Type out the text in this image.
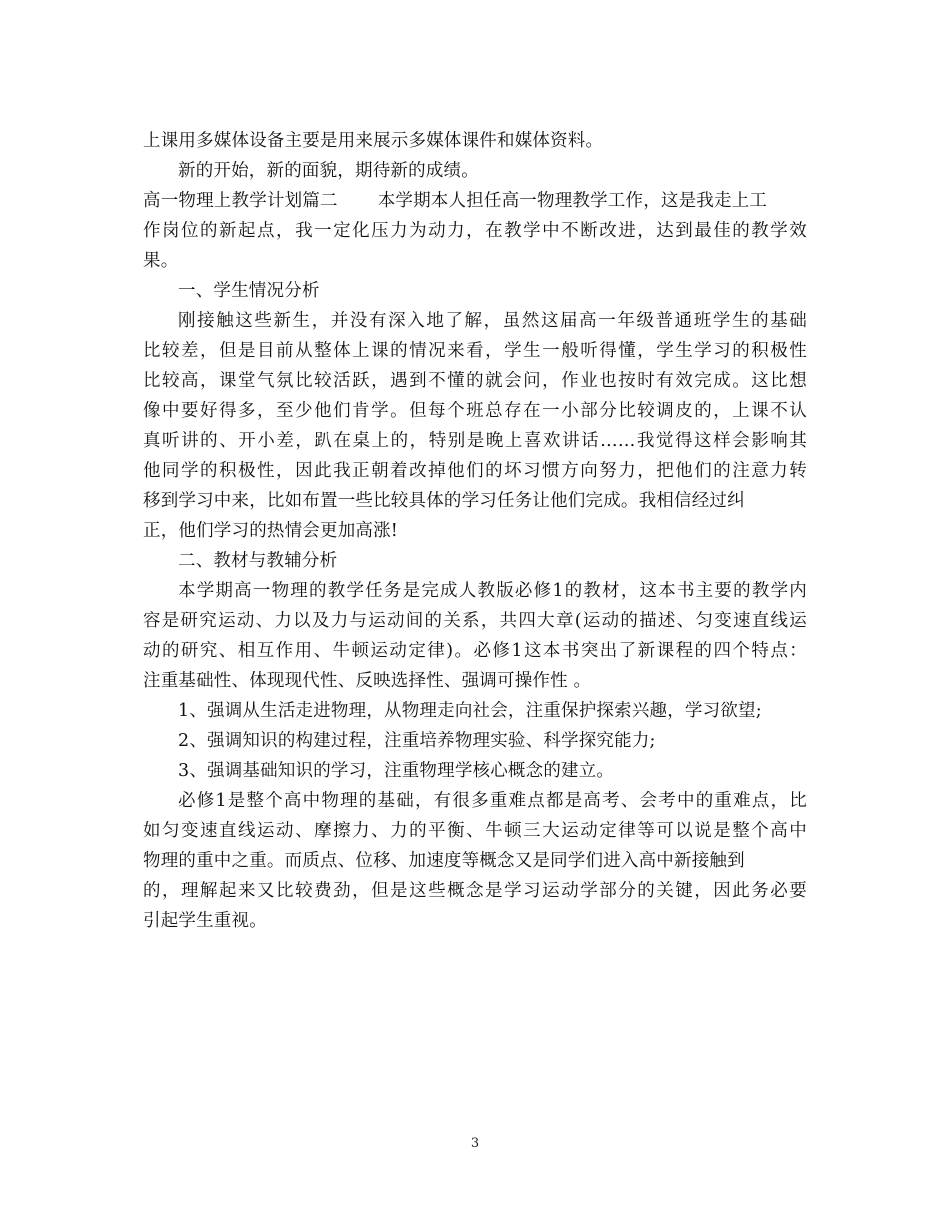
上课用多媒体设备主要是用来展示多媒体课件和媒体资料。
新的开始，新的面貌，期待新的成绩。
高一物理上教学计划篇二 本学期本人担任高一物理教学工作，这是我走上工
作岗位的新起点，我一定化压力为动力，在教学中不断改进，达到最佳的教学效
果。
一、学生情况分析
刚接触这些新生，并没有深入地了解，虽然这届高一年级普通班学生的基础
比较差，但是目前从整体上课的情况来看，学生一般听得懂，学生学习的积极性
比较高，课堂气氛比较活跃，遇到不懂的就会问，作业也按时有效完成。这比想
像中要好得多，至少他们肯学。但每个班总存在一小部分比较调皮的，上课不认
真听讲的、开小差，趴在桌上的，特别是晚上喜欢讲话……我觉得这样会影响其
他同学的积极性，因此我正朝着改掉他们的坏习惯方向努力，把他们的注意力转
移到学习中来，比如布置一些比较具体的学习任务让他们完成。我相信经过纠
正，他们学习的热情会更加高涨!
二、教材与教辅分析
本学期高一物理的教学任务是完成人教版必修1的教材，这本书主要的教学内
容是研究运动、力以及力与运动间的关系，共四大章(运动的描述、匀变速直线运
动的研究、相互作用、牛顿运动定律)。必修1这本书突出了新课程的四个特点：
注重基础性、体现现代性、反映选择性、强调可操作性 。
1、强调从生活走进物理，从物理走向社会，注重保护探索兴趣，学习欲望;
2、强调知识的构建过程，注重培养物理实验、科学探究能力;
3、强调基础知识的学习，注重物理学核心概念的建立。
必修1是整个高中物理的基础，有很多重难点都是高考、会考中的重难点，比
如匀变速直线运动、摩擦力、力的平衡、牛顿三大运动定律等可以说是整个高中
物理的重中之重。而质点、位移、加速度等概念又是同学们进入高中新接触到
的，理解起来又比较费劲，但是这些概念是学习运动学部分的关键，因此务必要
引起学生重视。
3
